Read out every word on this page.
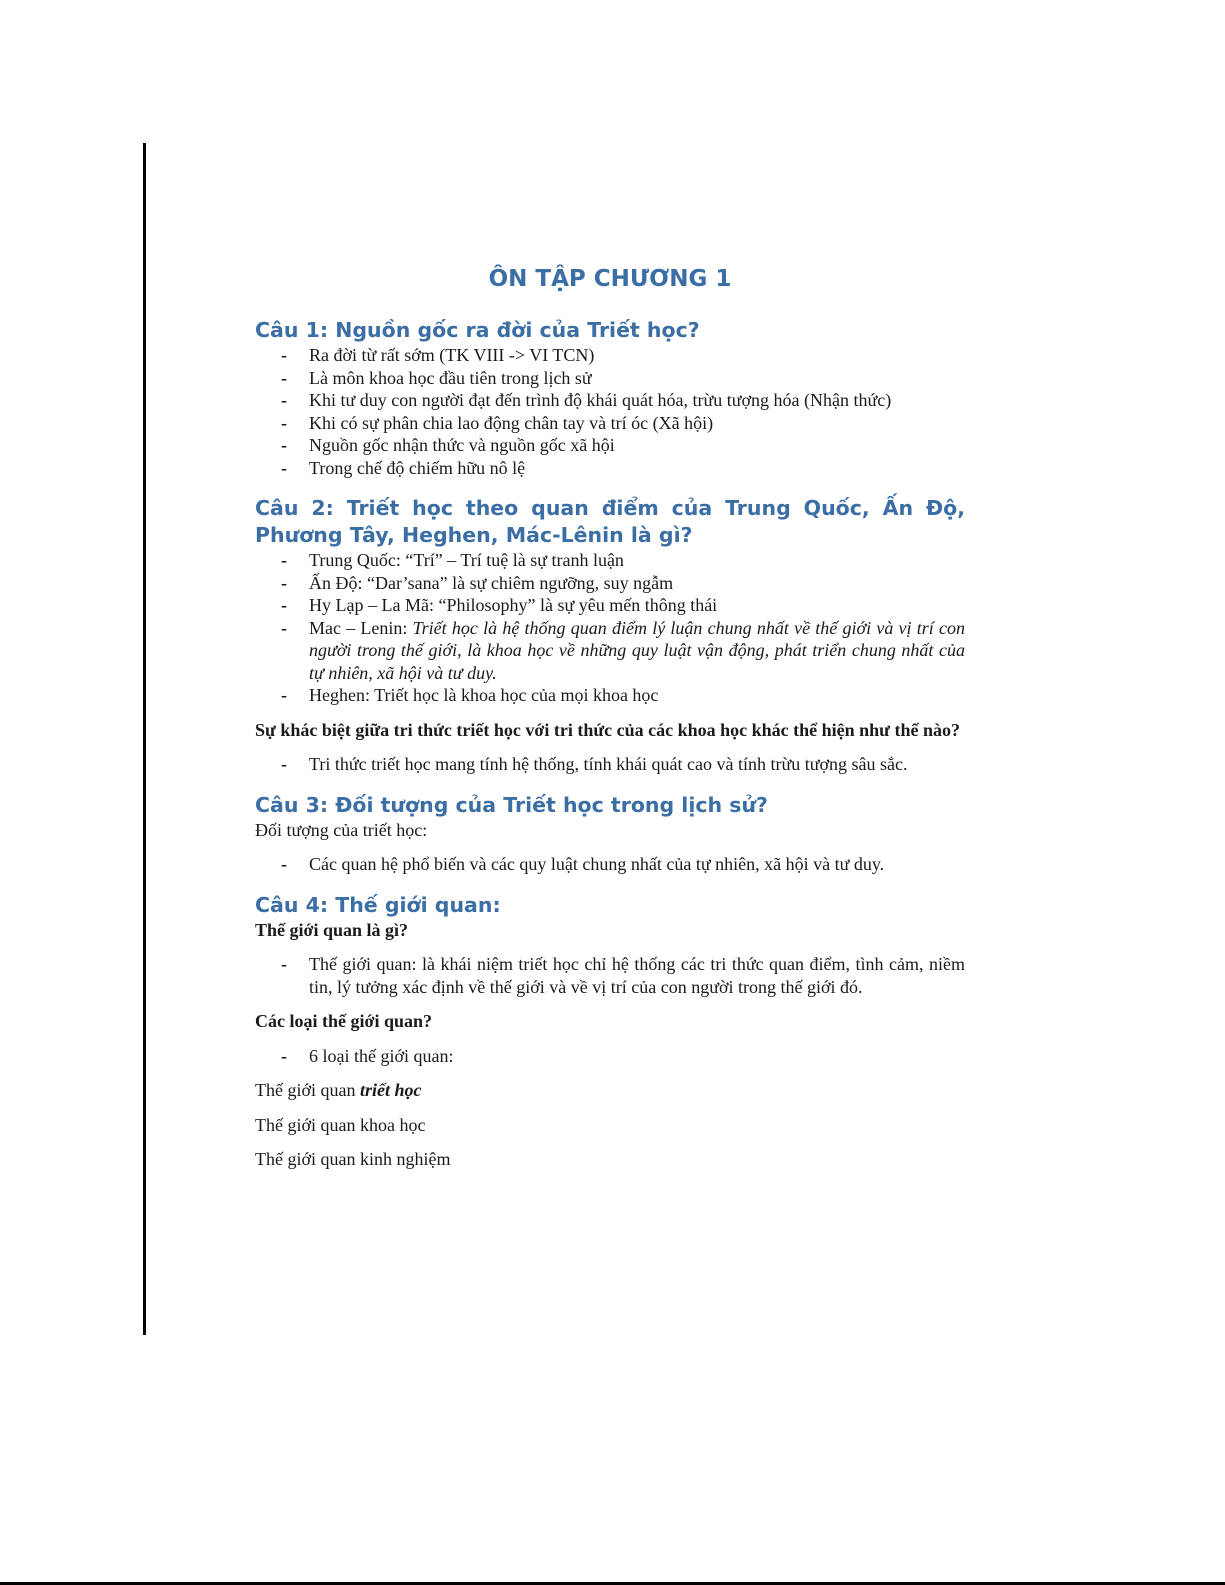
ÔN TẬP CHƯƠNG 1
Câu 1: Nguồn gốc ra đời của Triết học?
- Ra đời từ rất sớm (TK VIII -> VI TCN)
- Là môn khoa học đầu tiên trong lịch sử
- Khi tư duy con người đạt đến trình độ khái quát hóa, trừu tượng hóa (Nhận thức)
- Khi có sự phân chia lao động chân tay và trí óc (Xã hội)
- Nguồn gốc nhận thức và nguồn gốc xã hội
- Trong chế độ chiếm hữu nô lệ
Câu 2: Triết học theo quan điểm của Trung Quốc, Ấn Độ, Phương Tây, Heghen, Mác-Lênin là gì?
- Trung Quốc: “Trí” – Trí tuệ là sự tranh luận
- Ấn Độ: “Dar’sana” là sự chiêm ngưỡng, suy ngẫm
- Hy Lạp – La Mã: “Philosophy” là sự yêu mến thông thái
- Mac – Lenin: Triết học là hệ thống quan điểm lý luận chung nhất về thế giới và vị trí con người trong thế giới, là khoa học về những quy luật vận động, phát triển chung nhất của tự nhiên, xã hội và tư duy.
- Heghen: Triết học là khoa học của mọi khoa học

Sự khác biệt giữa tri thức triết học với tri thức của các khoa học khác thể hiện như thế nào?

- Tri thức triết học mang tính hệ thống, tính khái quát cao và tính trừu tượng sâu sắc.
Câu 3: Đối tượng của Triết học trong lịch sử?

Đối tượng của triết học:

- Các quan hệ phổ biến và các quy luật chung nhất của tự nhiên, xã hội và tư duy.
Câu 4: Thế giới quan:

Thế giới quan là gì?

- Thế giới quan: là khái niệm triết học chỉ hệ thống các tri thức quan điểm, tình cảm, niềm tin, lý tưởng xác định về thế giới và về vị trí của con người trong thế giới đó.

Các loại thế giới quan?

- 6 loại thế giới quan:

Thế giới quan triết học

Thế giới quan khoa học

Thế giới quan kinh nghiệm
